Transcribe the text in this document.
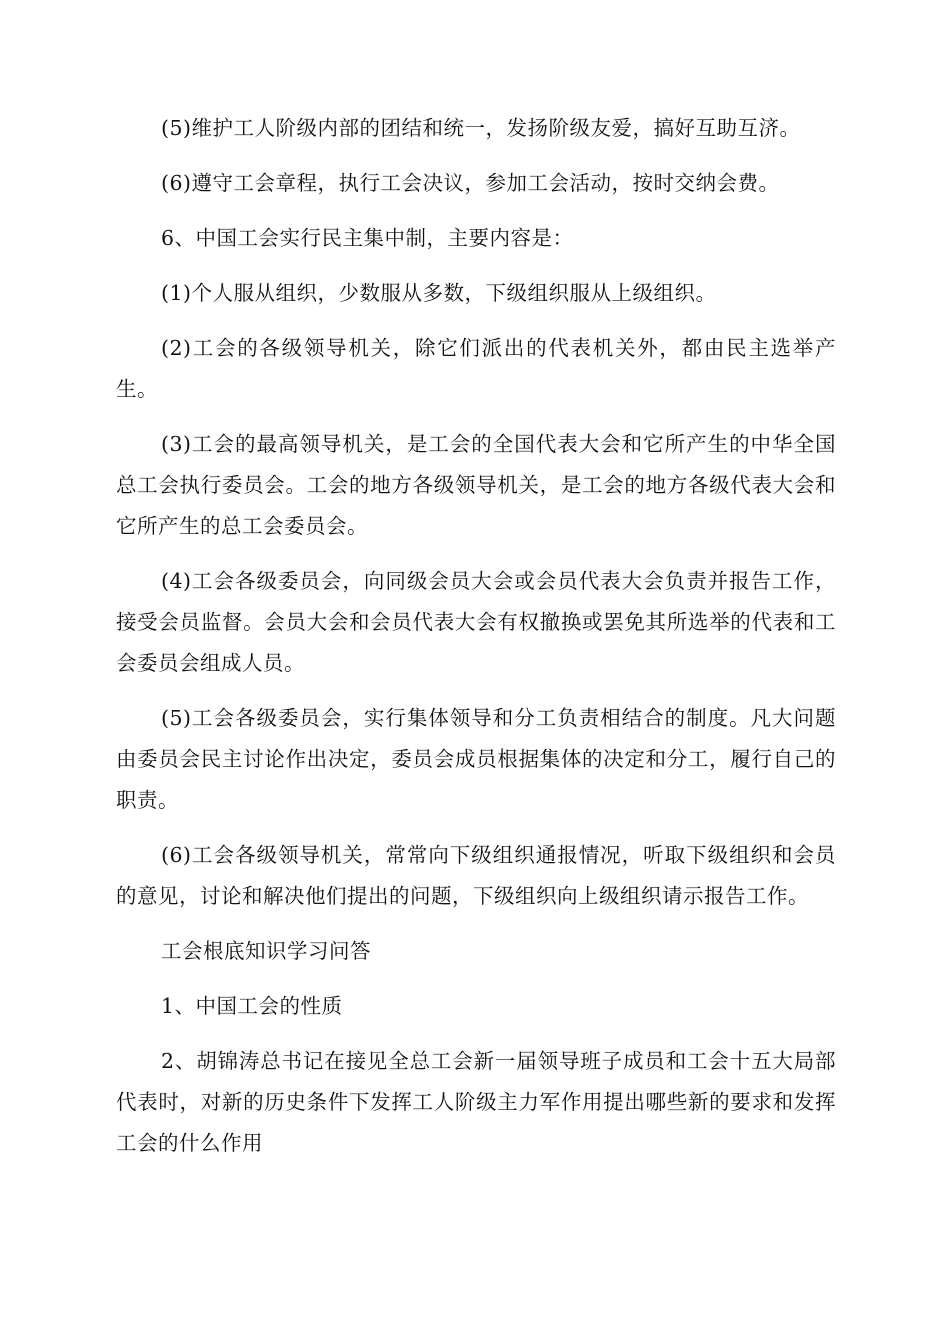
(5)维护工人阶级内部的团结和统一，发扬阶级友爱，搞好互助互济。

(6)遵守工会章程，执行工会决议，参加工会活动，按时交纳会费。

6、中国工会实行民主集中制，主要内容是：

(1)个人服从组织，少数服从多数，下级组织服从上级组织。

(2)工会的各级领导机关，除它们派出的代表机关外，都由民主选举产生。

(3)工会的最高领导机关，是工会的全国代表大会和它所产生的中华全国总工会执行委员会。工会的地方各级领导机关，是工会的地方各级代表大会和它所产生的总工会委员会。

(4)工会各级委员会，向同级会员大会或会员代表大会负责并报告工作，接受会员监督。会员大会和会员代表大会有权撤换或罢免其所选举的代表和工会委员会组成人员。

(5)工会各级委员会，实行集体领导和分工负责相结合的制度。凡大问题由委员会民主讨论作出决定，委员会成员根据集体的决定和分工，履行自己的职责。

(6)工会各级领导机关，常常向下级组织通报情况，听取下级组织和会员的意见，讨论和解决他们提出的问题，下级组织向上级组织请示报告工作。

工会根底知识学习问答

1、中国工会的性质

2、胡锦涛总书记在接见全总工会新一届领导班子成员和工会十五大局部代表时，对新的历史条件下发挥工人阶级主力军作用提出哪些新的要求和发挥工会的什么作用
